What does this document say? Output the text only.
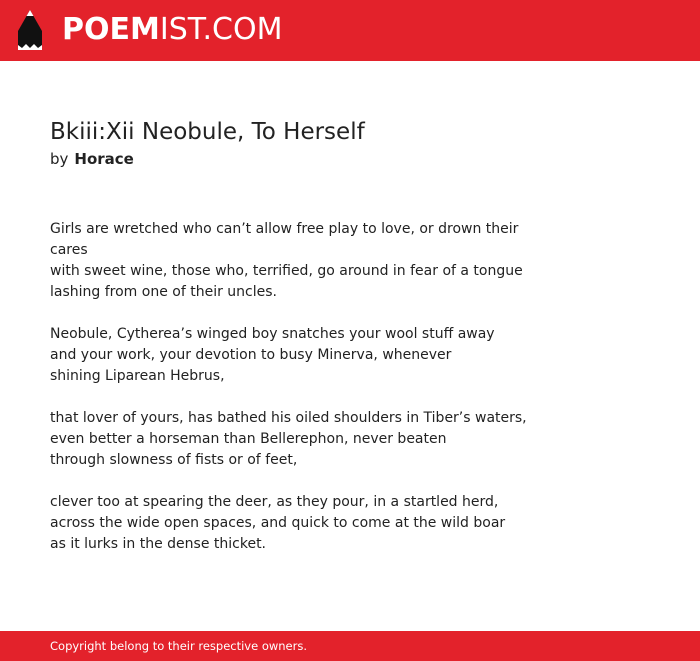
POEMIST.COM
Bkiii:Xii Neobule, To Herself
by Horace

Girls are wretched who can’t allow free play to love, or drown their cares
with sweet wine, those who, terrified, go around in fear of a tongue
lashing from one of their uncles.

Neobule, Cytherea’s winged boy snatches your wool stuff away
and your work, your devotion to busy Minerva, whenever
shining Liparean Hebrus,

that lover of yours, has bathed his oiled shoulders in Tiber’s waters,
even better a horseman than Bellerephon, never beaten
through slowness of fists or of feet,

clever too at spearing the deer, as they pour, in a startled herd,
across the wide open spaces, and quick to come at the wild boar
as it lurks in the dense thicket.

Copyright belong to their respective owners.
